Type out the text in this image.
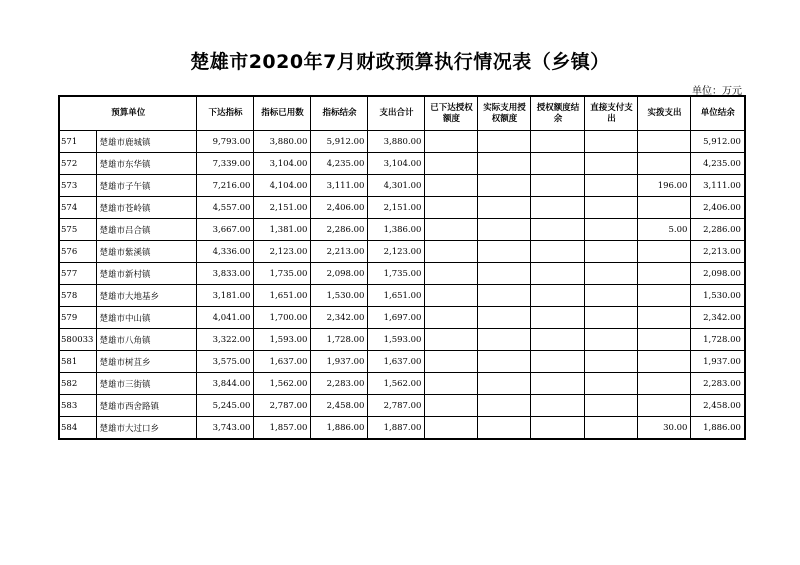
楚雄市2020年7月财政预算执行情况表（乡镇）
单位：万元
预算单位		下达指标	指标已用数	指标结余	支出合计	已下达授权额度	实际支用授权额度	授权额度结余	直接支付支出	实拨支出	单位结余
571	楚雄市鹿城镇	9,793.00	3,880.00	5,912.00	3,880.00						5,912.00
572	楚雄市东华镇	7,339.00	3,104.00	4,235.00	3,104.00						4,235.00
573	楚雄市子午镇	7,216.00	4,104.00	3,111.00	4,301.00					196.00	3,111.00
574	楚雄市苍岭镇	4,557.00	2,151.00	2,406.00	2,151.00						2,406.00
575	楚雄市吕合镇	3,667.00	1,381.00	2,286.00	1,386.00					5.00	2,286.00
576	楚雄市紫溪镇	4,336.00	2,123.00	2,213.00	2,123.00						2,213.00
577	楚雄市新村镇	3,833.00	1,735.00	2,098.00	1,735.00						2,098.00
578	楚雄市大地基乡	3,181.00	1,651.00	1,530.00	1,651.00						1,530.00
579	楚雄市中山镇	4,041.00	1,700.00	2,342.00	1,697.00						2,342.00
580033	楚雄市八角镇	3,322.00	1,593.00	1,728.00	1,593.00						1,728.00
581	楚雄市树苴乡	3,575.00	1,637.00	1,937.00	1,637.00						1,937.00
582	楚雄市三街镇	3,844.00	1,562.00	2,283.00	1,562.00						2,283.00
583	楚雄市西舍路镇	5,245.00	2,787.00	2,458.00	2,787.00						2,458.00
584	楚雄市大过口乡	3,743.00	1,857.00	1,886.00	1,887.00					30.00	1,886.00
